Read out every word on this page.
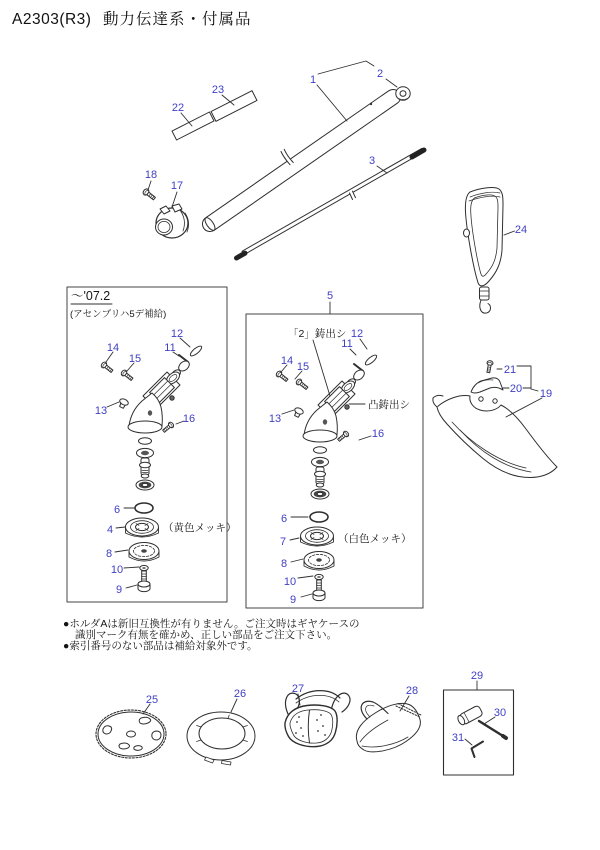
A2303(R3) 動力伝達系・付属品
1	2
3
5
17
18
22
23
24
19
20
21
～'07.2
(アセンブリハ5デ補給)
（黄色メッキ）
12
11
14
15
13
16
6
4
8
10
9
「2」鋳出シ
凸鋳出シ
（白色メッキ）
12
11
14 15
13
16
6
7
8
10
9
●ホルダAは新旧互換性が有りません。ご注文時はギヤケースの
識別マーク有無を確かめ、正しい部品をご注文下さい。
●索引番号のない部品は補給対象外です。
25	26	27	28
29
30
31
